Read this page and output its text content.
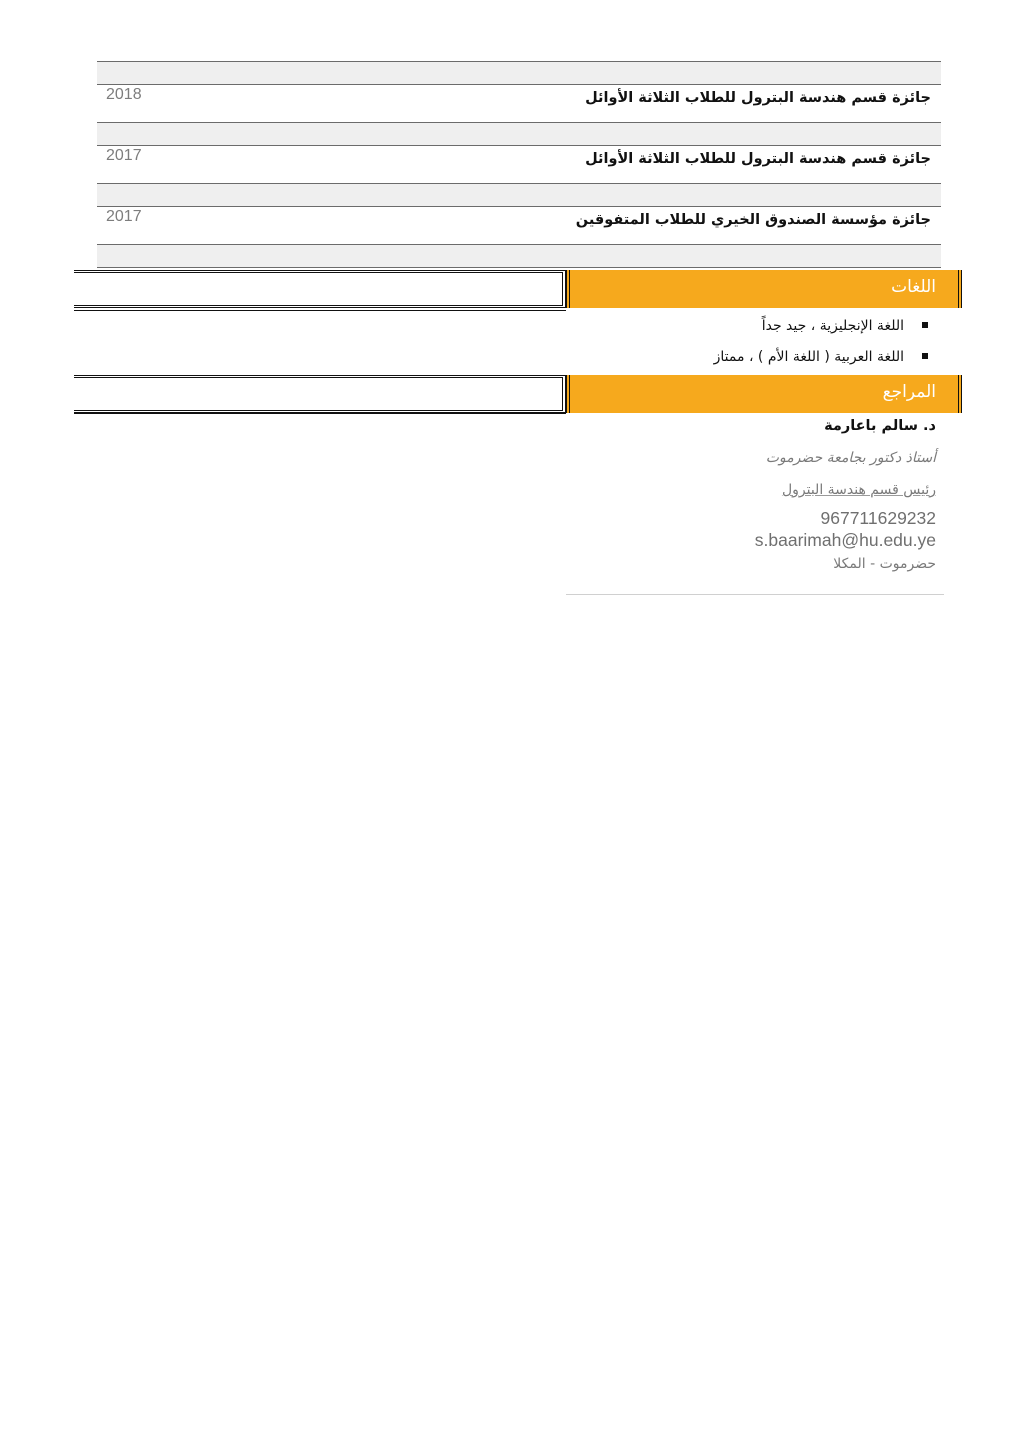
جائزة قسم هندسة البترول للطلاب الثلاثة الأوائل
2018
جائزة قسم هندسة البترول للطلاب الثلاثة الأوائل
2017
جائزة مؤسسة الصندوق الخيري للطلاب المتفوقين
2017
اللغات
اللغة الإنجليزية ، جيد جداً
اللغة العربية ( اللغة الأم ) ، ممتاز
المراجع
د. سالم باعارمة
أستاذ دكتور بجامعة حضرموت
رئيس قسم هندسة البترول
967711629232
s.baarimah@hu.edu.ye
حضرموت - المكلا
